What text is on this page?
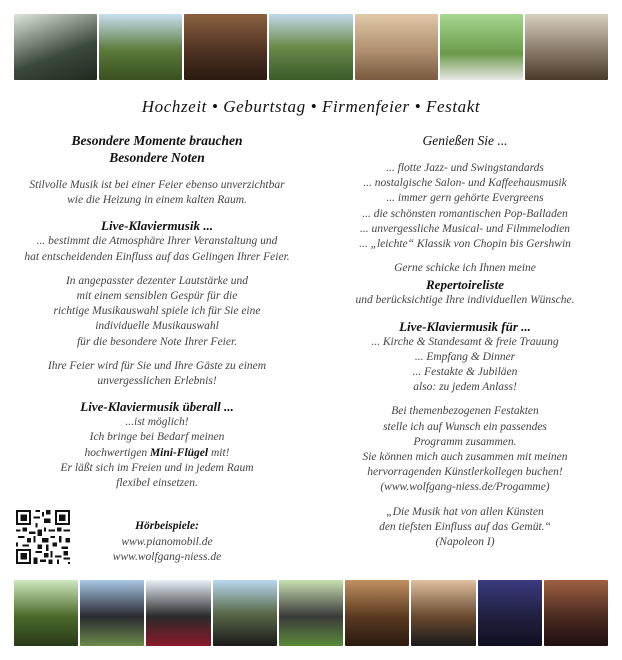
Hochzeit • Geburtstag • Firmenfeier • Festakt

Besondere Momente brauchen

Besondere Noten

Stilvolle Musik ist bei einer Feier ebenso unverzichtbar

wie die Heizung in einem kalten Raum.

Live-Klaviermusik ...

... bestimmt die Atmosphäre Ihrer Veranstaltung und

hat entscheidenden Einfluss auf das Gelingen Ihrer Feier.

In angepasster dezenter Lautstärke und

mit einem sensiblen Gespür für die

richtige Musikauswahl spiele ich für Sie eine

individuelle Musikauswahl

für die besondere Note Ihrer Feier.

Ihre Feier wird für Sie und Ihre Gäste zu einem

unvergesslichen Erlebnis!

Live-Klaviermusik überall ...

...ist möglich!

Ich bringe bei Bedarf meinen

hochwertigen Mini-Flügel mit!

Er läßt sich im Freien und in jedem Raum

flexibel einsetzen.

Hörbeispiele:

www.pianomobil.de

www.wolfgang-niess.de

Genießen Sie ...

... flotte Jazz- und Swingstandards

... nostalgische Salon- und Kaffeehausmusik

... immer gern gehörte Evergreens

... die schönsten romantischen Pop-Balladen

... unvergessliche Musical- und Filmmelodien

... „leichte“ Klassik von Chopin bis Gershwin

Gerne schicke ich Ihnen meine

Repertoireliste

und berücksichtige Ihre individuellen Wünsche.

Live-Klaviermusik für ...

... Kirche & Standesamt & freie Trauung

... Empfang & Dinner

... Festakte & Jubiläen

also: zu jedem Anlass!

Bei themenbezogenen Festakten

stelle ich auf Wunsch ein passendes

Programm zusammen.

Sie können mich auch zusammen mit meinen

hervorragenden Künstlerkollegen buchen!

(www.wolfgang-niess.de/Progamme)

„Die Musik hat von allen Künsten

den tiefsten Einfluss auf das Gemüt.“

(Napoleon I)
